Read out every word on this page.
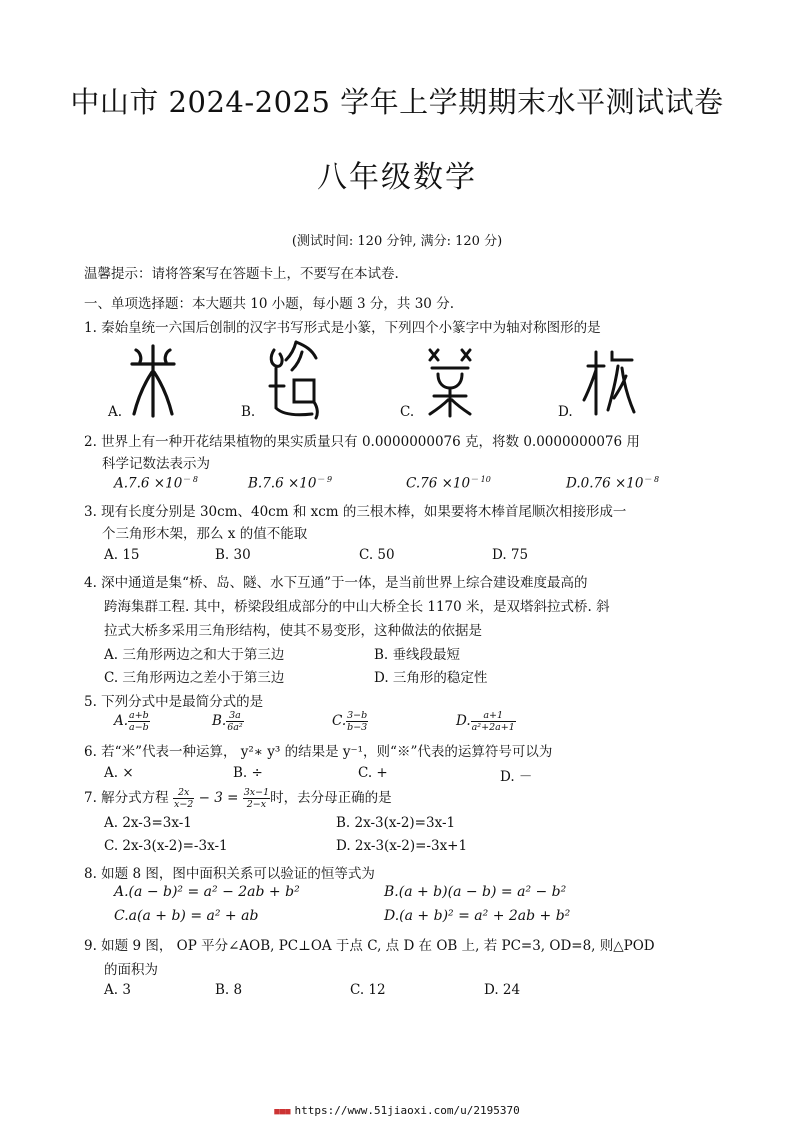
中山市 2024-2025 学年上学期期末水平测试试卷
八年级数学
(测试时间: 120 分钟, 满分: 120 分)
温馨提示：请将答案写在答题卡上，不要写在本试卷.
一、单项选择题：本大题共 10 小题，每小题 3 分，共 30 分.
1. 秦始皇统一六国后创制的汉字书写形式是小篆，下列四个小篆字中为轴对称图形的是
A.	B.	C.	D.
2. 世界上有一种开花结果植物的果实质量只有 0.0000000076 克，将数 0.0000000076 用
科学记数法表示为
$A.7.6 \times 10^{- 8}$	$B.7.6 \times 10^{- 9}$	$C.76 \times 10^{- 10}$	$D.0.76 \times 10^{- 8}$
3. 现有长度分别是 30cm、40cm 和 xcm 的三根木棒，如果要将木棒首尾顺次相接形成一
个三角形木架，那么 x 的值不能取
A. 15	B. 30	C. 50	D. 75
4. 深中通道是集“桥、岛、隧、水下互通”于一体，是当前世界上综合建设难度最高的
跨海集群工程. 其中，桥梁段组成部分的中山大桥全长 1170 米，是双塔斜拉式桥. 斜
拉式大桥多采用三角形结构，使其不易变形，这种做法的依据是
A. 三角形两边之和大于第三边	B. 垂线段最短
C. 三角形两边之差小于第三边	D. 三角形的稳定性
5. 下列分式中是最简分式的是
A. $\frac{a+b}{a-b}$	B. $\frac{3a}{\text{6a²}}$	C. $\frac{3-b}{b-3}$	D. $\frac{a+1}{\text{a²+2a+1}}$
6. 若“米”代表一种运算， y²∗ y³ 的结果是 y⁻¹，则“※”代表的运算符号可以为
A. ×	B. ÷	C. +	D. －
7. 解分式方程 $\frac{2x}{x-2} - 3 = \frac{3x-1}{2-x}$ 时，去分母正确的是
A. 2x-3=3x-1	B. 2x-3(x-2)=3x-1
C. 2x-3(x-2)=-3x-1	D. 2x-3(x-2)=-3x+1
8. 如题 8 图，图中面积关系可以验证的恒等式为
A.(a − b)² = a² − 2ab + b²	B.(a + b)(a − b) = a² − b²
C.a(a + b) = a² + ab	D.(a + b)² = a² + 2ab + b²
9. 如题 9 图， OP 平分∠AOB, PC⊥OA 于点 C, 点 D 在 OB 上, 若 PC=3, OD=8, 则△POD
的面积为
A. 3	B. 8	C. 12	D. 24
■■■ https://www.51jiaoxi.com/u/2195370
